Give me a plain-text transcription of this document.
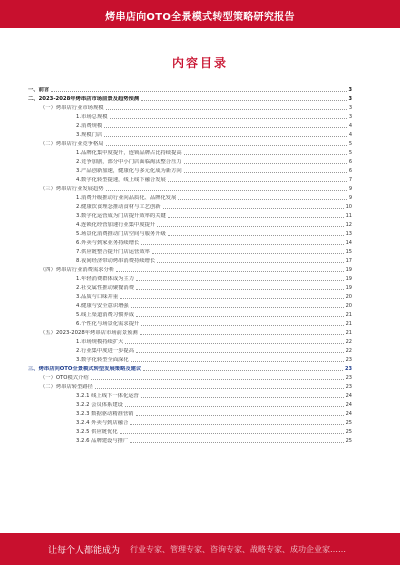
烤串店向OTO全景模式转型策略研究报告
内容目录
一、前言	3
二、2023-2028年烤串店市场前景及趋势预测	3
（一）烤串店行业市场规模	3
1.市场总规模	3
2.消费规模	4
3.规模门店	4
（二）烤串店行业竞争格局	5
1.品牌化集中度提升，连锁品牌占比持续提高	5
2.竞争加剧，部分中小门店面临淘汰整合压力	6
3.产品创新加速，健康化与多元化成为新方向	6
4.数字化转型提速，线上线下融合发展	7
（三）烤串店行业发展趋势	9
1.消费升级推动行业向品质化、品牌化发展	9
2.健康饮食理念推动食材与工艺创新	10
3.数字化运营成为门店提升效率的关键	11
4.连锁化经营加速行业集中度提升	12
5.场景化消费推动门店空间与服务升级	13
6.外卖与到家业务持续增长	14
7.供应链整合提升门店运营效率	15
8.夜间经济带动烤串消费持续增长	17
（四）烤串店行业消费需求分析	19
1.年轻消费群体成为主力	19
2.社交属性推动聚餐消费	19
3.品质与口味并重	20
4.健康与安全意识增强	20
5.线上渠道消费习惯养成	21
6.个性化与场景化需求提升	21
（五）2023-2028年烤串店市场前景预测	21
1.市场规模持续扩大	22
2.行业集中度进一步提高	22
3.数字化转型全面深化	23
三、烤串店向OTO全景模式转型发展策略及建议	23
（一）OTO模式介绍	23
（二）烤串店转型路径	23
3.2.1 线上线下一体化运营	24
3.2.2 会员体系建设	24
3.2.3 数据驱动精准营销	24
3.2.4 外卖与到店融合	25
3.2.5 供应链优化	25
3.2.6 品牌建设与推广	25
让每个人都能成为 行业专家、管理专家、咨询专家、战略专家、成功企业家……
